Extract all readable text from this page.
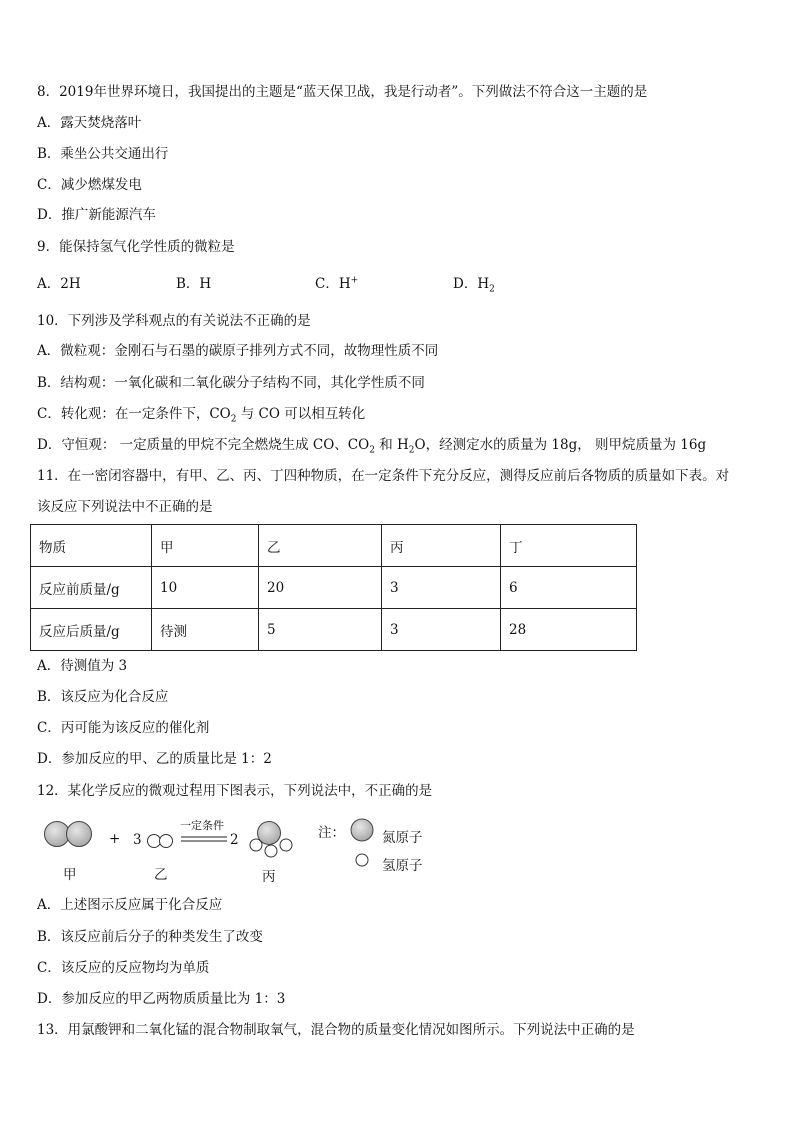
8．2019年世界环境日，我国提出的主题是“蓝天保卫战，我是行动者”。下列做法不符合这一主题的是
A．露天焚烧落叶
B．乘坐公共交通出行
C．减少燃煤发电
D．推广新能源汽车
9．能保持氢气化学性质的微粒是
A．2H	B．H	C．H+	D．$H_2$
10．下列涉及学科观点的有关说法不正确的是
A．微粒观：金刚石与石墨的碳原子排列方式不同，故物理性质不同
B．结构观：一氧化碳和二氧化碳分子结构不同，其化学性质不同
C．转化观：在一定条件下，$CO_2$ 与 CO 可以相互转化
D．守恒观： 一定质量的甲烷不完全燃烧生成 CO、$CO_2$ 和 $H_2O$，经测定水的质量为 18g， 则甲烷质量为 16g
11．在一密闭容器中，有甲、乙、丙、丁四种物质，在一定条件下充分反应，测得反应前后各物质的质量如下表。对
该反应下列说法中不正确的是
物质	甲	乙	丙	丁
反应前质量/g	10	20	3	6
反应后质量/g	待测	5	3	28
A．待测值为 3
B．该反应为化合反应
C．丙可能为该反应的催化剂
D．参加反应的甲、乙的质量比是 1：2
12．某化学反应的微观过程用下图表示，下列说法中，不正确的是
+ 3
一定条件
2
甲	乙	丙
注：	氮原子
氢原子
A．上述图示反应属于化合反应
B．该反应前后分子的种类发生了改变
C．该反应的反应物均为单质
D．参加反应的甲乙两物质质量比为 1：3
13．用氯酸钾和二氧化锰的混合物制取氧气，混合物的质量变化情况如图所示。下列说法中正确的是
